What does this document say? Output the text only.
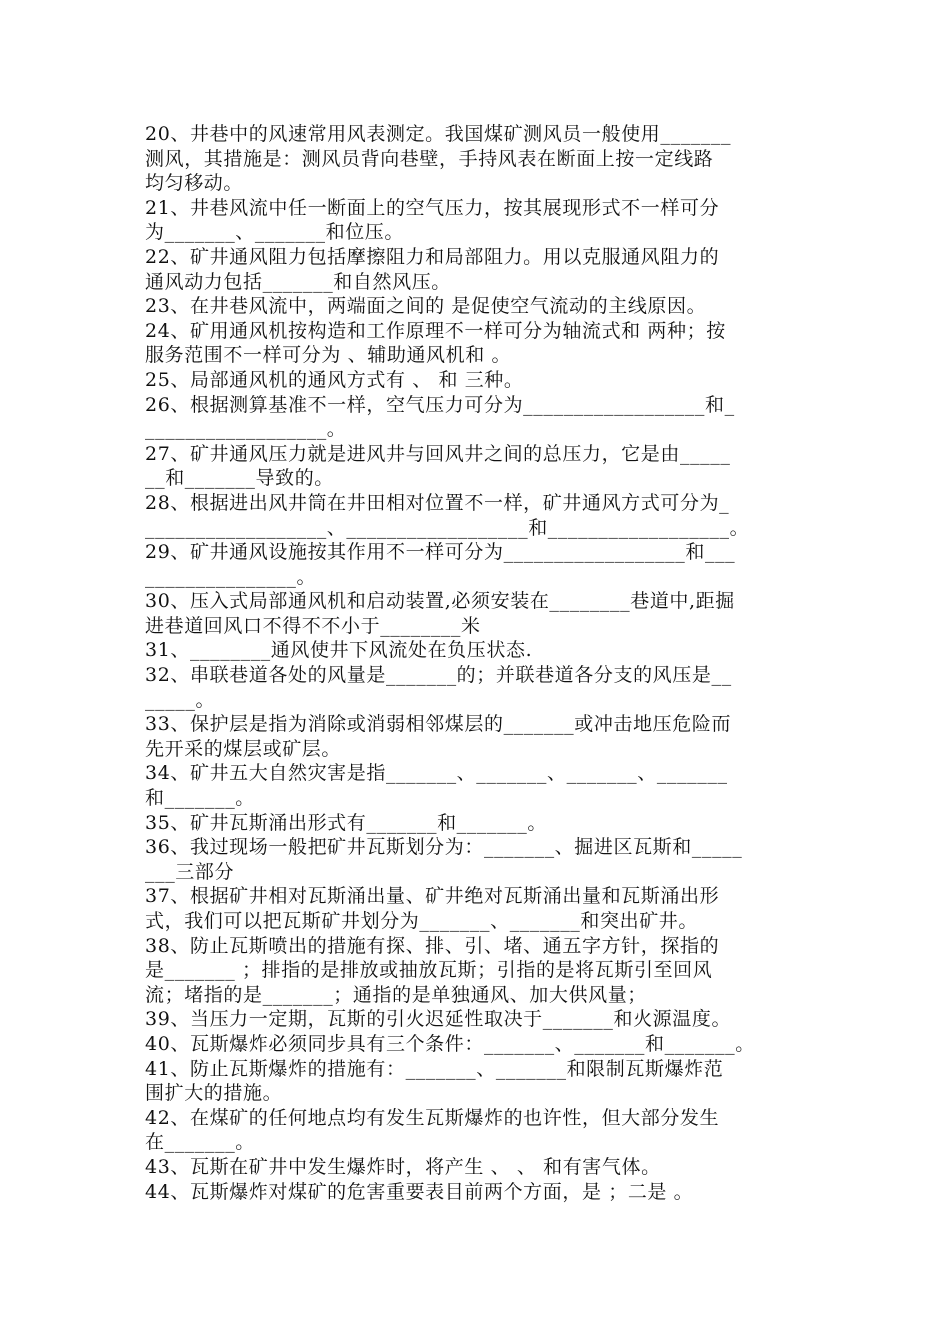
20、井巷中的风速常用风表测定。我国煤矿测风员一般使用_______
测风，其措施是：测风员背向巷壁，手持风表在断面上按一定线路
均匀移动。
21、井巷风流中任一断面上的空气压力，按其展现形式不一样可分
为_______、_______和位压。
22、矿井通风阻力包括摩擦阻力和局部阻力。用以克服通风阻力的
通风动力包括_______和自然风压。
23、在井巷风流中，两端面之间的 是促使空气流动的主线原因。
24、矿用通风机按构造和工作原理不一样可分为轴流式和 两种；按
服务范围不一样可分为 、辅助通风机和 。
25、局部通风机的通风方式有 、 和 三种。
26、根据测算基准不一样，空气压力可分为__________________和_
__________________。
27、矿井通风压力就是进风井与回风井之间的总压力，它是由_____
__和_______导致的。
28、根据进出风井筒在井田相对位置不一样，矿井通风方式可分为_
__________________、__________________和__________________。
29、矿井通风设施按其作用不一样可分为__________________和___
_______________。
30、压入式局部通风机和启动装置,必须安装在________巷道中,距掘
进巷道回风口不得不不小于________米
31、________通风使井下风流处在负压状态.
32、串联巷道各处的风量是_______的；并联巷道各分支的风压是__
_____。
33、保护层是指为消除或消弱相邻煤层的_______或冲击地压危险而
先开采的煤层或矿层。
34、矿井五大自然灾害是指_______、_______、_______、_______
和_______。
35、矿井瓦斯涌出形式有_______和_______。
36、我过现场一般把矿井瓦斯划分为：_______、掘进区瓦斯和_____
___三部分
37、根据矿井相对瓦斯涌出量、矿井绝对瓦斯涌出量和瓦斯涌出形
式，我们可以把瓦斯矿井划分为_______、_______和突出矿井。
38、防止瓦斯喷出的措施有探、排、引、堵、通五字方针，探指的
是_______ ；排指的是排放或抽放瓦斯；引指的是将瓦斯引至回风
流；堵指的是_______；通指的是单独通风、加大供风量；
39、当压力一定期，瓦斯的引火迟延性取决于_______和火源温度。
40、瓦斯爆炸必须同步具有三个条件：_______、_______和_______。
41、防止瓦斯爆炸的措施有：_______、_______和限制瓦斯爆炸范
围扩大的措施。
42、在煤矿的任何地点均有发生瓦斯爆炸的也许性，但大部分发生
在_______。
43、瓦斯在矿井中发生爆炸时，将产生 、 、 和有害气体。
44、瓦斯爆炸对煤矿的危害重要表目前两个方面，是 ；二是 。
